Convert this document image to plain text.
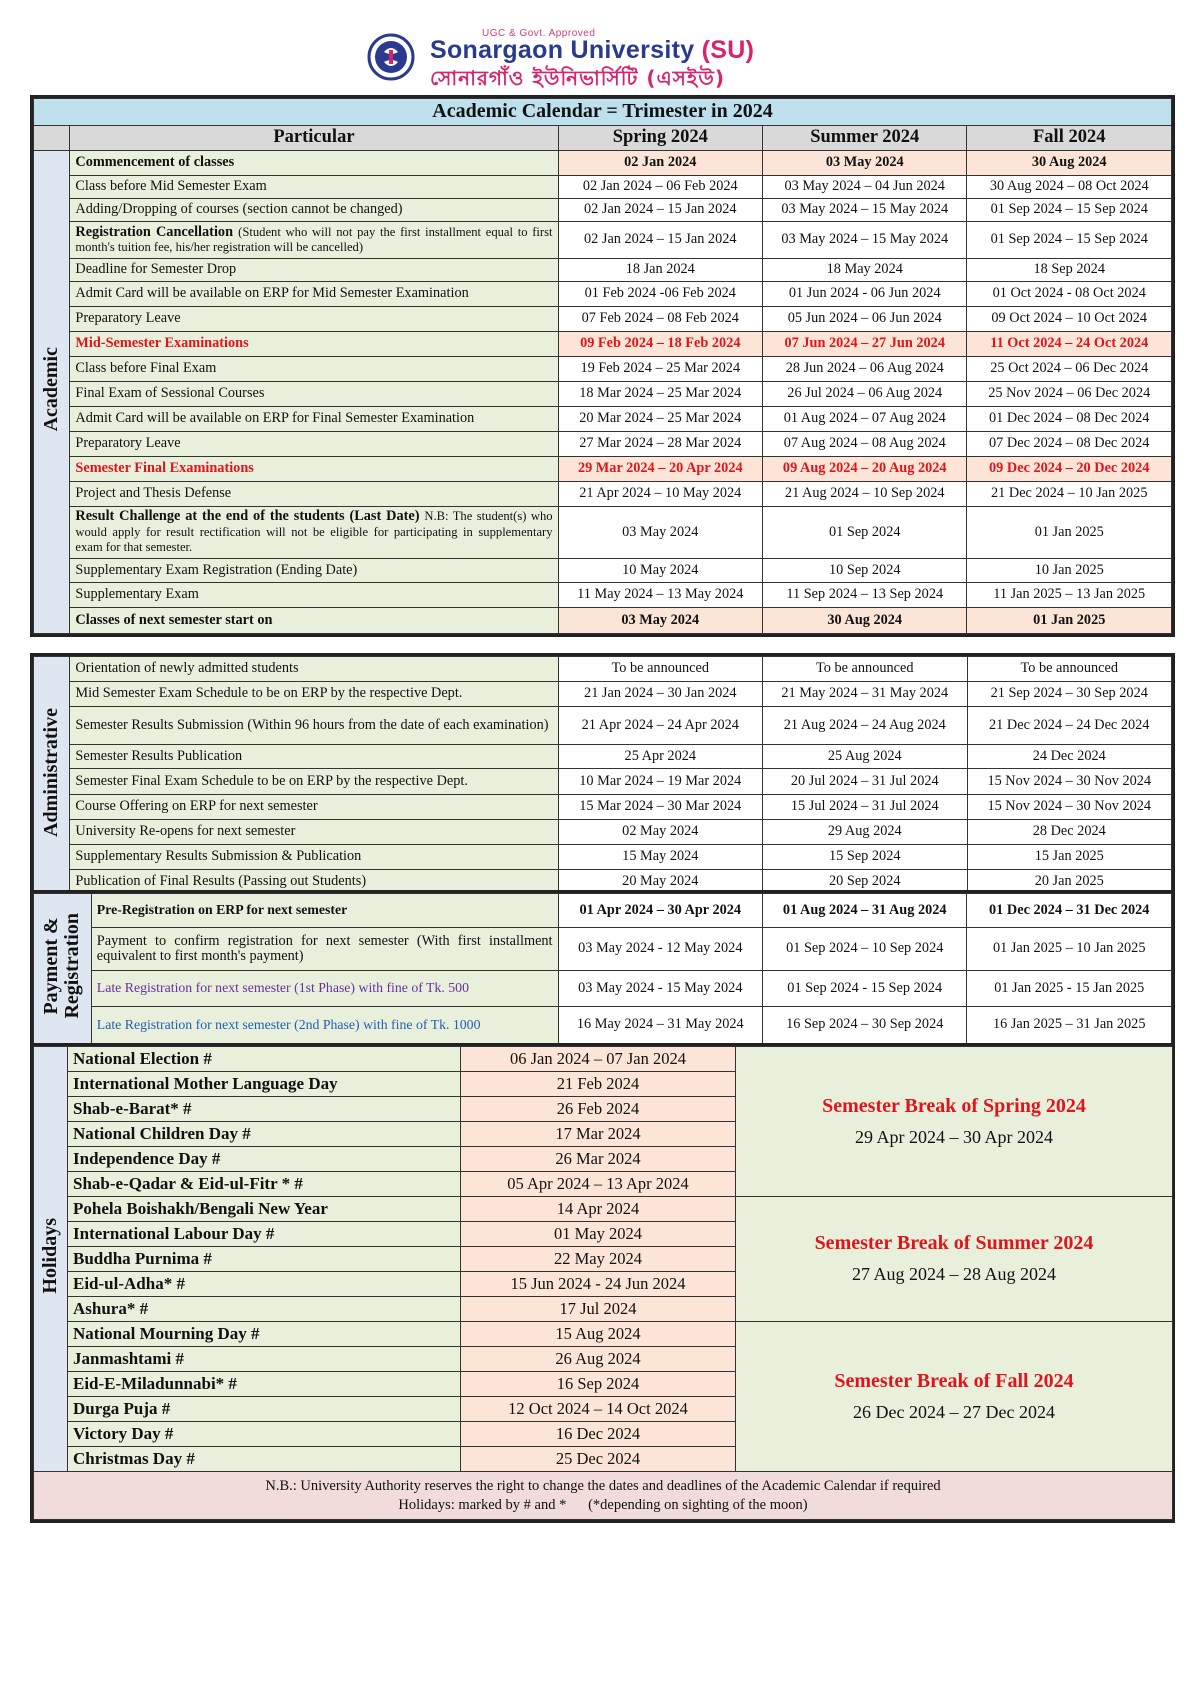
UGC & Govt. Approved
Sonargaon University (SU)
সোনারগাঁও ইউনিভার্সিটি (এসইউ)
Academic Calendar = Trimester in 2024				
	Particular	Spring 2024	Summer 2024	Fall 2024
Academic	Commencement of classes	02 Jan 2024	03 May 2024	30 Aug 2024
	Class before Mid Semester Exam	02 Jan 2024 – 06 Feb 2024	03 May 2024 – 04 Jun 2024	30 Aug 2024 – 08 Oct 2024
	Adding/Dropping of courses (section cannot be changed)	02 Jan 2024 – 15 Jan 2024	03 May 2024 – 15 May 2024	01 Sep 2024 – 15 Sep 2024
	Registration Cancellation (Student who will not pay the first installment equal to first month's tuition fee, his/her registration will be cancelled)	02 Jan 2024 – 15 Jan 2024	03 May 2024 – 15 May 2024	01 Sep 2024 – 15 Sep 2024
	Deadline for Semester Drop	18 Jan 2024	18 May 2024	18 Sep 2024
	Admit Card will be available on ERP for Mid Semester Examination	01 Feb 2024 -06 Feb 2024	01 Jun 2024 - 06 Jun 2024	01 Oct 2024 - 08 Oct 2024
	Preparatory Leave	07 Feb 2024 – 08 Feb 2024	05 Jun 2024 – 06 Jun 2024	09 Oct 2024 – 10 Oct 2024
	Mid-Semester Examinations	09 Feb 2024 – 18 Feb 2024	07 Jun 2024 – 27 Jun 2024	11 Oct 2024 – 24 Oct 2024
	Class before Final Exam	19 Feb 2024 – 25 Mar 2024	28 Jun 2024 – 06 Aug 2024	25 Oct 2024 – 06 Dec 2024
	Final Exam of Sessional Courses	18 Mar 2024 – 25 Mar 2024	26 Jul 2024 – 06 Aug 2024	25 Nov 2024 – 06 Dec 2024
	Admit Card will be available on ERP for Final Semester Examination	20 Mar 2024 – 25 Mar 2024	01 Aug 2024 – 07 Aug 2024	01 Dec 2024 – 08 Dec 2024
	Preparatory Leave	27 Mar 2024 – 28 Mar 2024	07 Aug 2024 – 08 Aug 2024	07 Dec 2024 – 08 Dec 2024
	Semester Final Examinations	29 Mar 2024 – 20 Apr 2024	09 Aug 2024 – 20 Aug 2024	09 Dec 2024 – 20 Dec 2024
	Project and Thesis Defense	21 Apr 2024 – 10 May 2024	21 Aug 2024 – 10 Sep 2024	21 Dec 2024 – 10 Jan 2025
	Result Challenge at the end of the students (Last Date) N.B: The student(s) who would apply for result rectification will not be eligible for participating in supplementary exam for that semester.	03 May 2024	01 Sep 2024	01 Jan 2025
	Supplementary Exam Registration (Ending Date)	10 May 2024	10 Sep 2024	10 Jan 2025
	Supplementary Exam	11 May 2024 – 13 May 2024	11 Sep 2024 – 13 Sep 2024	11 Jan 2025 – 13 Jan 2025
	Classes of next semester start on	03 May 2024	30 Aug 2024	01 Jan 2025
Administrative	Orientation of newly admitted students	To be announced	To be announced	To be announced
	Mid Semester Exam Schedule to be on ERP by the respective Dept.	21 Jan 2024 – 30 Jan 2024	21 May 2024 – 31 May 2024	21 Sep 2024 – 30 Sep 2024
	Semester Results Submission (Within 96 hours from the date of each examination)	21 Apr 2024 – 24 Apr 2024	21 Aug 2024 – 24 Aug 2024	21 Dec 2024 – 24 Dec 2024
	Semester Results Publication	25 Apr 2024	25 Aug 2024	24 Dec 2024
	Semester Final Exam Schedule to be on ERP by the respective Dept.	10 Mar 2024 – 19 Mar 2024	20 Jul 2024 – 31 Jul 2024	15 Nov 2024 – 30 Nov 2024
	Course Offering on ERP for next semester	15 Mar 2024 – 30 Mar 2024	15 Jul 2024 – 31 Jul 2024	15 Nov 2024 – 30 Nov 2024
	University Re-opens for next semester	02 May 2024	29 Aug 2024	28 Dec 2024
	Supplementary Results Submission & Publication	15 May 2024	15 Sep 2024	15 Jan 2025
	Publication of Final Results (Passing out Students)	20 May 2024	20 Sep 2024	20 Jan 2025
Payment &
Registration	Pre-Registration on ERP for next semester	01 Apr 2024 – 30 Apr 2024	01 Aug 2024 – 31 Aug 2024	01 Dec 2024 – 31 Dec 2024
	Payment to confirm registration for next semester (With first installment equivalent to first month's payment)	03 May 2024 - 12 May 2024	01 Sep 2024 – 10 Sep 2024	01 Jan 2025 – 10 Jan 2025
	Late Registration for next semester (1st Phase) with fine of Tk. 500	03 May 2024 - 15 May 2024	01 Sep 2024 - 15 Sep 2024	01 Jan 2025 - 15 Jan 2025
	Late Registration for next semester (2nd Phase) with fine of Tk. 1000	16 May 2024 – 31 May 2024	16 Sep 2024 – 30 Sep 2024	16 Jan 2025 – 31 Jan 2025
Holidays	National Election #	06 Jan 2024 – 07 Jan 2024	Semester Break of Spring 2024
29 Apr 2024 – 30 Apr 2024

	International Mother Language Day	21 Feb 2024	
	Shab-e-Barat* #	26 Feb 2024	
	National Children Day #	17 Mar 2024	
	Independence Day #	26 Mar 2024	
	Shab-e-Qadar & Eid-ul-Fitr * #	05 Apr 2024 – 13 Apr 2024	
	Pohela Boishakh/Bengali New Year	14 Apr 2024	Semester Break of Summer 2024
27 Aug 2024 – 28 Aug 2024

	International Labour Day #	01 May 2024	
	Buddha Purnima #	22 May 2024	
	Eid-ul-Adha* #	15 Jun 2024 - 24 Jun 2024	
	Ashura* #	17 Jul 2024	
	National Mourning Day #	15 Aug 2024	Semester Break of Fall 2024
26 Dec 2024 – 27 Dec 2024

	Janmashtami #	26 Aug 2024	
	Eid-E-Miladunnabi* #	16 Sep 2024	
	Durga Puja #	12 Oct 2024 – 14 Oct 2024	
	Victory Day #	16 Dec 2024	
	Christmas Day #	25 Dec 2024	
N.B.: University Authority reserves the right to change the dates and deadlines of the Academic Calendar if required
Holidays: marked by # and *      (*depending on sighting of the moon)			
